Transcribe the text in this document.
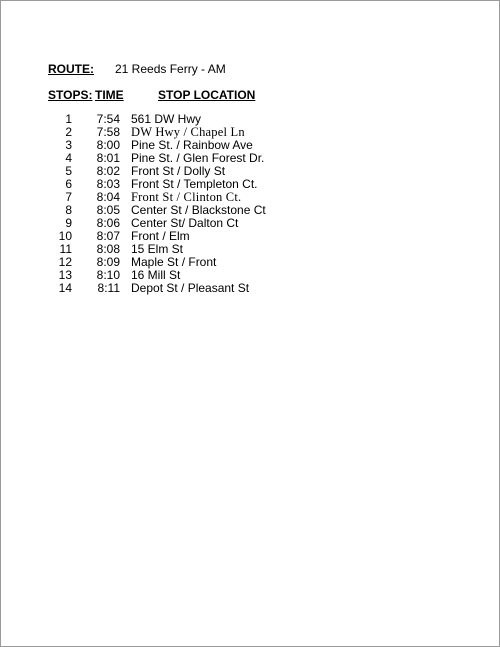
ROUTE: 21 Reeds Ferry - AM
STOPS: TIME	STOP LOCATION
1 7:54 561 DW Hwy
2 7:58 DW Hwy / Chapel Ln
3 8:00 Pine St. / Rainbow Ave
4 8:01 Pine St. / Glen Forest Dr.
5 8:02 Front St / Dolly St
6 8:03 Front St / Templeton Ct.
7 8:04 Front St / Clinton Ct.
8 8:05 Center St / Blackstone Ct
9 8:06 Center St/ Dalton Ct
10 8:07 Front / Elm
11 8:08 15 Elm St
12 8:09 Maple St / Front
13 8:10 16 Mill St
14 8:11 Depot St / Pleasant St
